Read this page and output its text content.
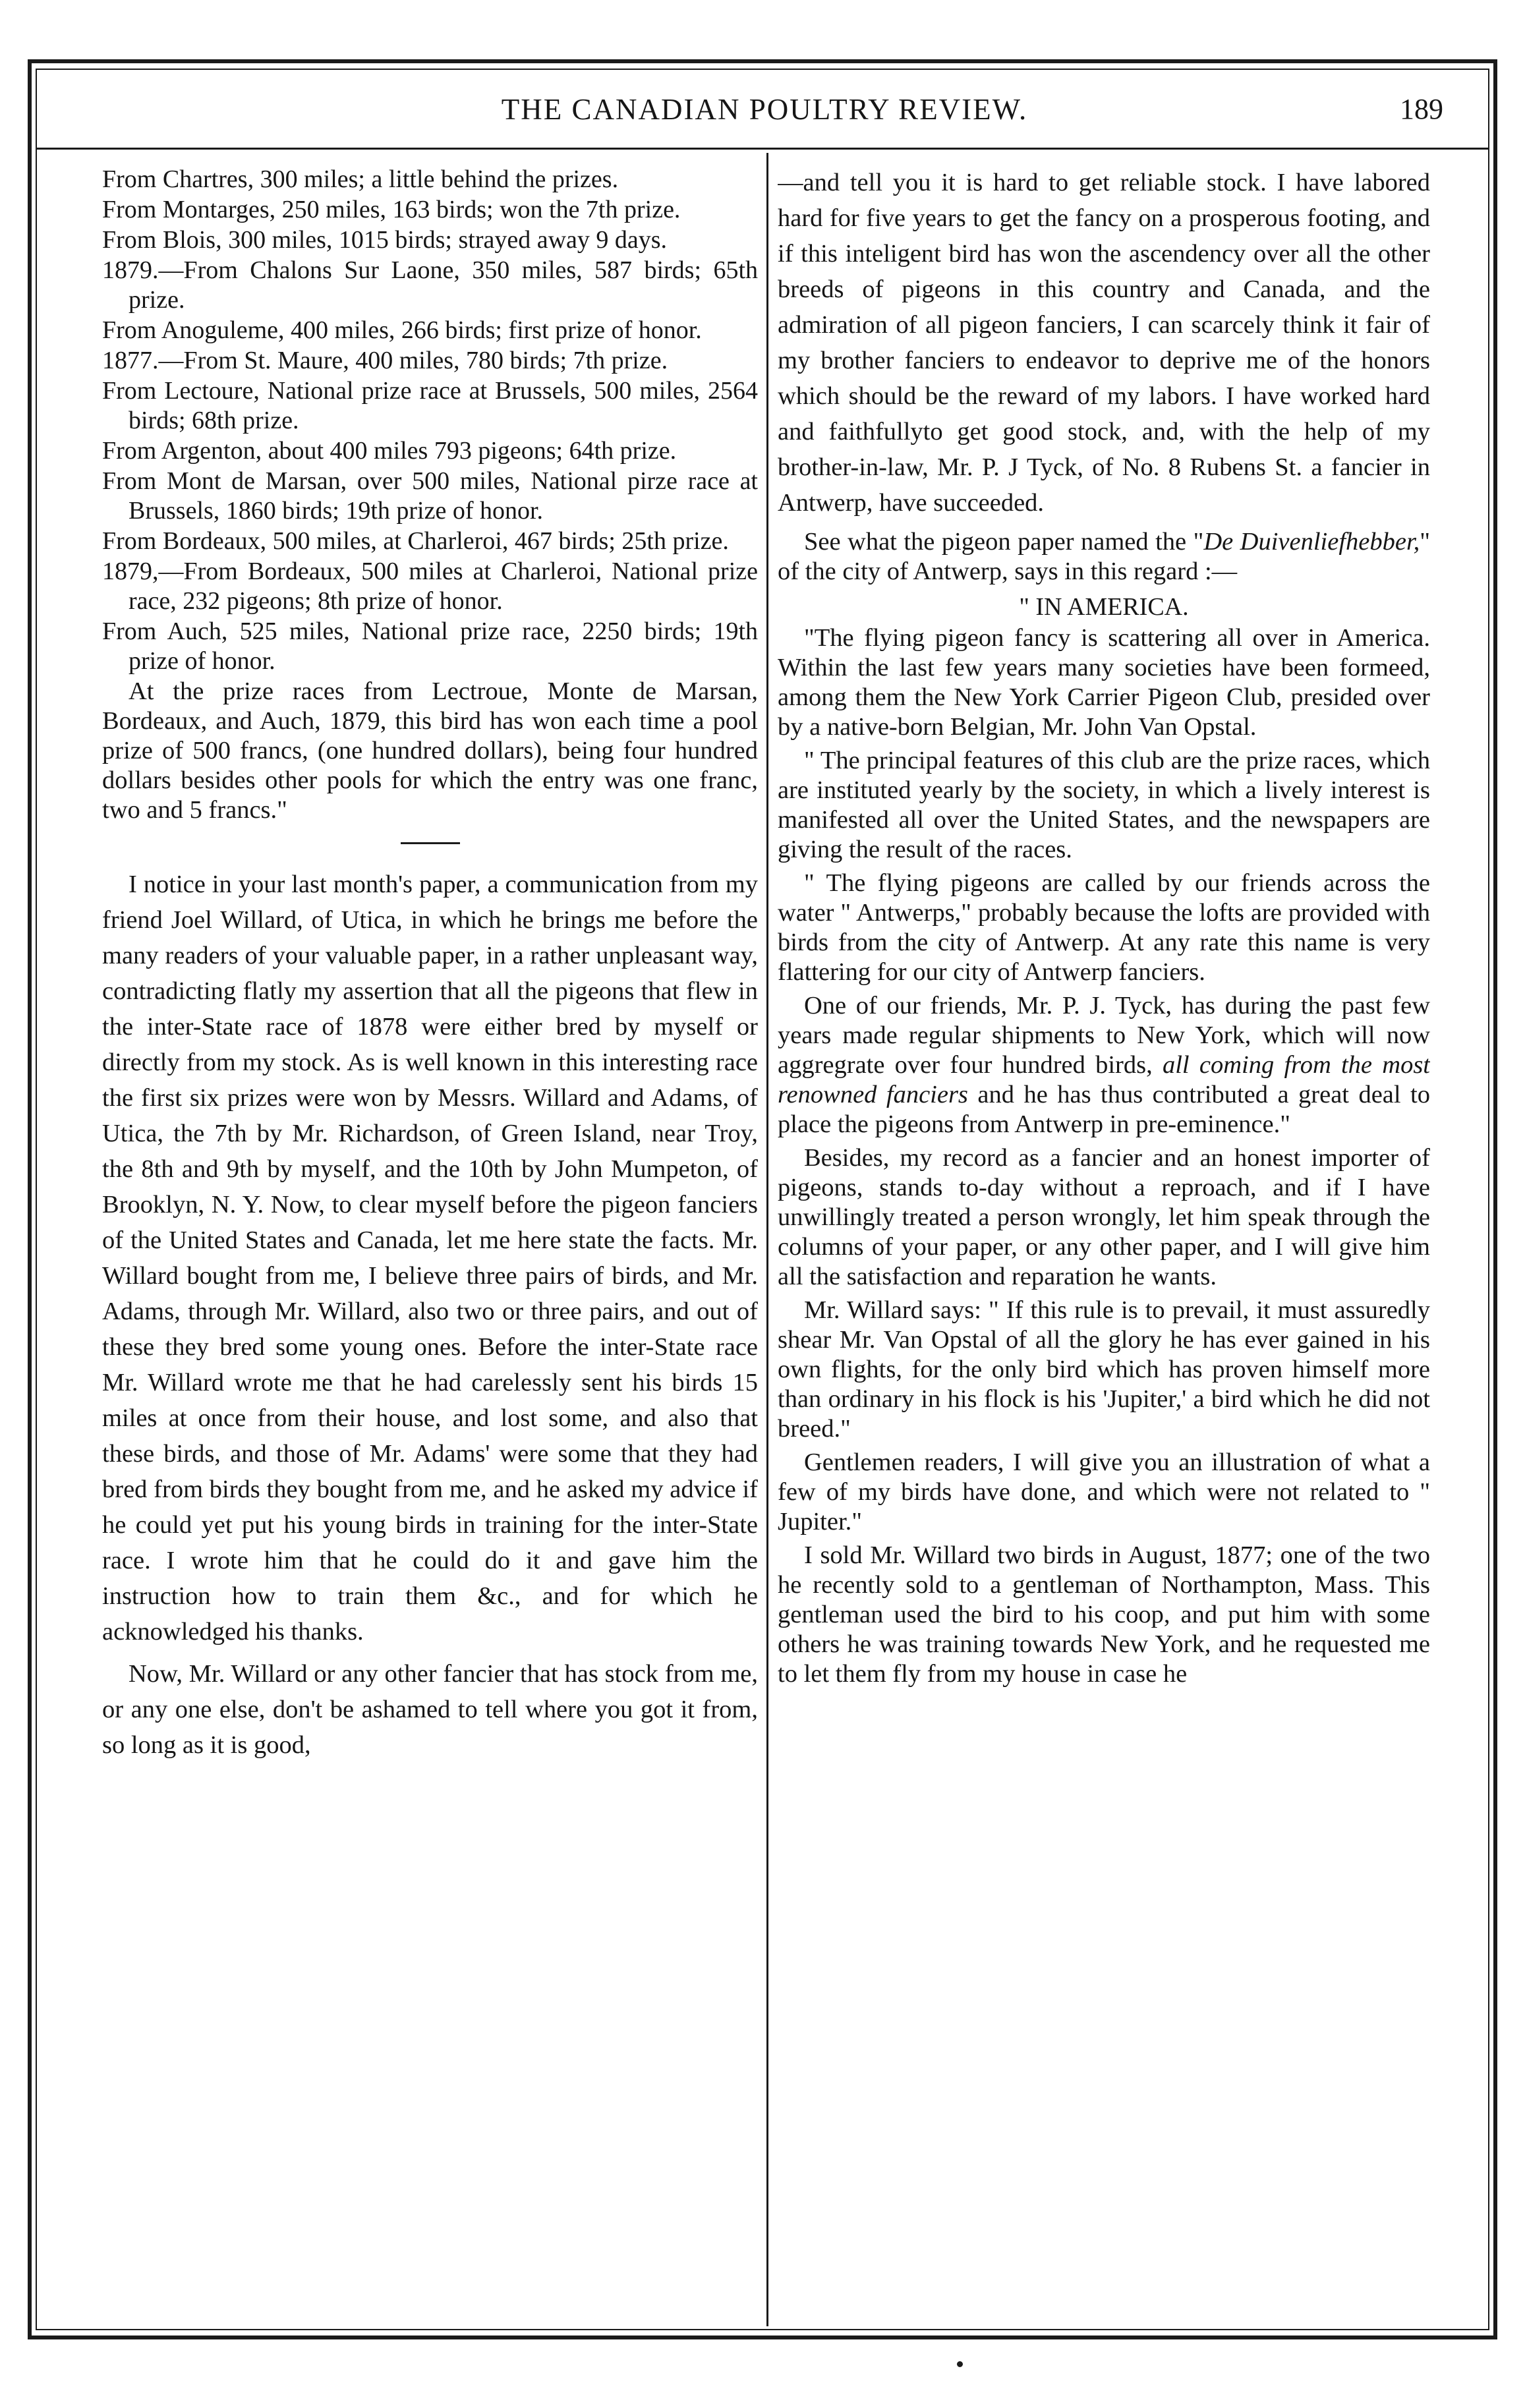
THE CANADIAN POULTRY REVIEW.	189

From Chartres, 300 miles; a little behind the prizes.

From Montarges, 250 miles, 163 birds; won the 7th prize.

From Blois, 300 miles, 1015 birds; strayed away 9 days.

1879.—From Chalons Sur Laone, 350 miles, 587 birds; 65th prize.

From Anoguleme, 400 miles, 266 birds; first prize of honor.

1877.—From St. Maure, 400 miles, 780 birds; 7th prize.

From Lectoure, National prize race at Brussels, 500 miles, 2564 birds; 68th prize.

From Argenton, about 400 miles 793 pigeons; 64th prize.

From Mont de Marsan, over 500 miles, National pirze race at Brussels, 1860 birds; 19th prize of honor.

From Bordeaux, 500 miles, at Charleroi, 467 birds; 25th prize.

1879,—From Bordeaux, 500 miles at Charleroi, National prize race, 232 pigeons; 8th prize of honor.

From Auch, 525 miles, National prize race, 2250 birds; 19th prize of honor.

At the prize races from Lectroue, Monte de Marsan, Bordeaux, and Auch, 1879, this bird has won each time a pool prize of 500 francs, (one hundred dollars), being four hundred dollars besides other pools for which the entry was one franc, two and 5 francs."

I notice in your last month's paper, a communication from my friend Joel Willard, of Utica, in which he brings me before the many readers of your valuable paper, in a rather unpleasant way, contradicting flatly my assertion that all the pigeons that flew in the inter-State race of 1878 were either bred by myself or directly from my stock. As is well known in this interesting race the first six prizes were won by Messrs. Willard and Adams, of Utica, the 7th by Mr. Richardson, of Green Island, near Troy, the 8th and 9th by myself, and the 10th by John Mumpeton, of Brooklyn, N. Y. Now, to clear myself before the pigeon fanciers of the United States and Canada, let me here state the facts. Mr. Willard bought from me, I believe three pairs of birds, and Mr. Adams, through Mr. Willard, also two or three pairs, and out of these they bred some young ones. Before the inter-State race Mr. Willard wrote me that he had carelessly sent his birds 15 miles at once from their house, and lost some, and also that these birds, and those of Mr. Adams' were some that they had bred from birds they bought from me, and he asked my advice if he could yet put his young birds in training for the inter-State race. I wrote him that he could do it and gave him the instruction how to train them &c., and for which he acknowledged his thanks.

Now, Mr. Willard or any other fancier that has stock from me, or any one else, don't be ashamed to tell where you got it from, so long as it is good,

—and tell you it is hard to get reliable stock. I have labored hard for five years to get the fancy on a prosperous footing, and if this inteligent bird has won the ascendency over all the other breeds of pigeons in this country and Canada, and the admiration of all pigeon fanciers, I can scarcely think it fair of my brother fanciers to endeavor to deprive me of the honors which should be the reward of my labors. I have worked hard and faithfullyto get good stock, and, with the help of my brother-in-law, Mr. P. J Tyck, of No. 8 Rubens St. a fancier in Antwerp, have succeeded.

See what the pigeon paper named the "De Duivenliefhebber," of the city of Antwerp, says in this regard :—

" IN AMERICA.

"The flying pigeon fancy is scattering all over in America. Within the last few years many societies have been formeed, among them the New York Carrier Pigeon Club, presided over by a native-born Belgian, Mr. John Van Opstal.

" The principal features of this club are the prize races, which are instituted yearly by the society, in which a lively interest is manifested all over the United States, and the newspapers are giving the result of the races.

" The flying pigeons are called by our friends across the water " Antwerps," probably because the lofts are provided with birds from the city of Antwerp. At any rate this name is very flattering for our city of Antwerp fanciers.

One of our friends, Mr. P. J. Tyck, has during the past few years made regular shipments to New York, which will now aggregrate over four hundred birds, all coming from the most renowned fanciers and he has thus contributed a great deal to place the pigeons from Antwerp in pre-eminence."

Besides, my record as a fancier and an honest importer of pigeons, stands to-day without a reproach, and if I have unwillingly treated a person wrongly, let him speak through the columns of your paper, or any other paper, and I will give him all the satisfaction and reparation he wants.

Mr. Willard says: " If this rule is to prevail, it must assuredly shear Mr. Van Opstal of all the glory he has ever gained in his own flights, for the only bird which has proven himself more than ordinary in his flock is his 'Jupiter,' a bird which he did not breed."

Gentlemen readers, I will give you an illustration of what a few of my birds have done, and which were not related to " Jupiter."

I sold Mr. Willard two birds in August, 1877; one of the two he recently sold to a gentleman of Northampton, Mass. This gentleman used the bird to his coop, and put him with some others he was training towards New York, and he requested me to let them fly from my house in case he
